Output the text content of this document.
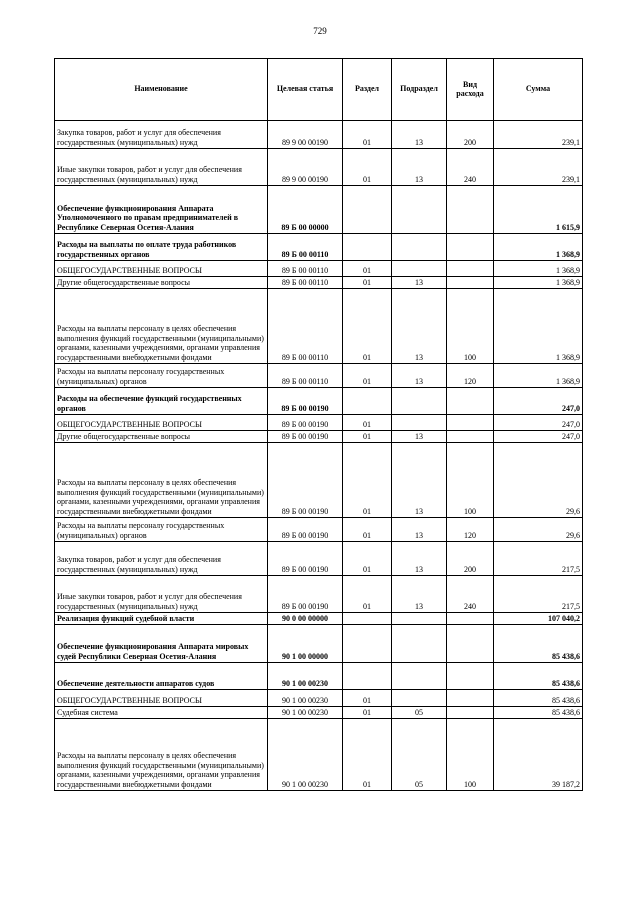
729
Наименование	Целевая статья	Раздел	Подраздел	Вид расхода	Сумма
Закупка товаров, работ и услуг для обеспечения государственных (муниципальных) нужд	89 9 00 00190	01	13	200	239,1
Иные закупки товаров, работ и услуг для обеспечения государственных (муниципальных) нужд	89 9 00 00190	01	13	240	239,1
Обеспечение функционирования Аппарата Уполномоченного по правам предпринимателей в Республике Северная Осетия-Алания	89 Б 00 00000				1 615,9
Расходы на выплаты по оплате труда работников государственных органов	89 Б 00 00110				1 368,9
ОБЩЕГОСУДАРСТВЕННЫЕ ВОПРОСЫ	89 Б 00 00110	01			1 368,9
Другие общегосударственные вопросы	89 Б 00 00110	01	13		1 368,9
Расходы на выплаты персоналу в целях обеспечения выполнения функций государственными (муниципальными) органами, казенными учреждениями, органами управления государственными внебюджетными фондами	89 Б 00 00110	01	13	100	1 368,9
Расходы на выплаты персоналу государственных (муниципальных) органов	89 Б 00 00110	01	13	120	1 368,9
Расходы на обеспечение функций государственных органов	89 Б 00 00190				247,0
ОБЩЕГОСУДАРСТВЕННЫЕ ВОПРОСЫ	89 Б 00 00190	01			247,0
Другие общегосударственные вопросы	89 Б 00 00190	01	13		247,0
Расходы на выплаты персоналу в целях обеспечения выполнения функций государственными (муниципальными) органами, казенными учреждениями, органами управления государственными внебюджетными фондами	89 Б 00 00190	01	13	100	29,6
Расходы на выплаты персоналу государственных (муниципальных) органов	89 Б 00 00190	01	13	120	29,6
Закупка товаров, работ и услуг для обеспечения государственных (муниципальных) нужд	89 Б 00 00190	01	13	200	217,5
Иные закупки товаров, работ и услуг для обеспечения государственных (муниципальных) нужд	89 Б 00 00190	01	13	240	217,5
Реализация функций судебной власти	90 0 00 00000				107 040,2
Обеспечение функционирования Аппарата мировых судей Республики Северная Осетия-Алания	90 1 00 00000				85 438,6
Обеспечение деятельности аппаратов судов	90 1 00 00230				85 438,6
ОБЩЕГОСУДАРСТВЕННЫЕ ВОПРОСЫ	90 1 00 00230	01			85 438,6
Судебная система	90 1 00 00230	01	05		85 438,6
Расходы на выплаты персоналу в целях обеспечения выполнения функций государственными (муниципальными) органами, казенными учреждениями, органами управления государственными внебюджетными фондами	90 1 00 00230	01	05	100	39 187,2
